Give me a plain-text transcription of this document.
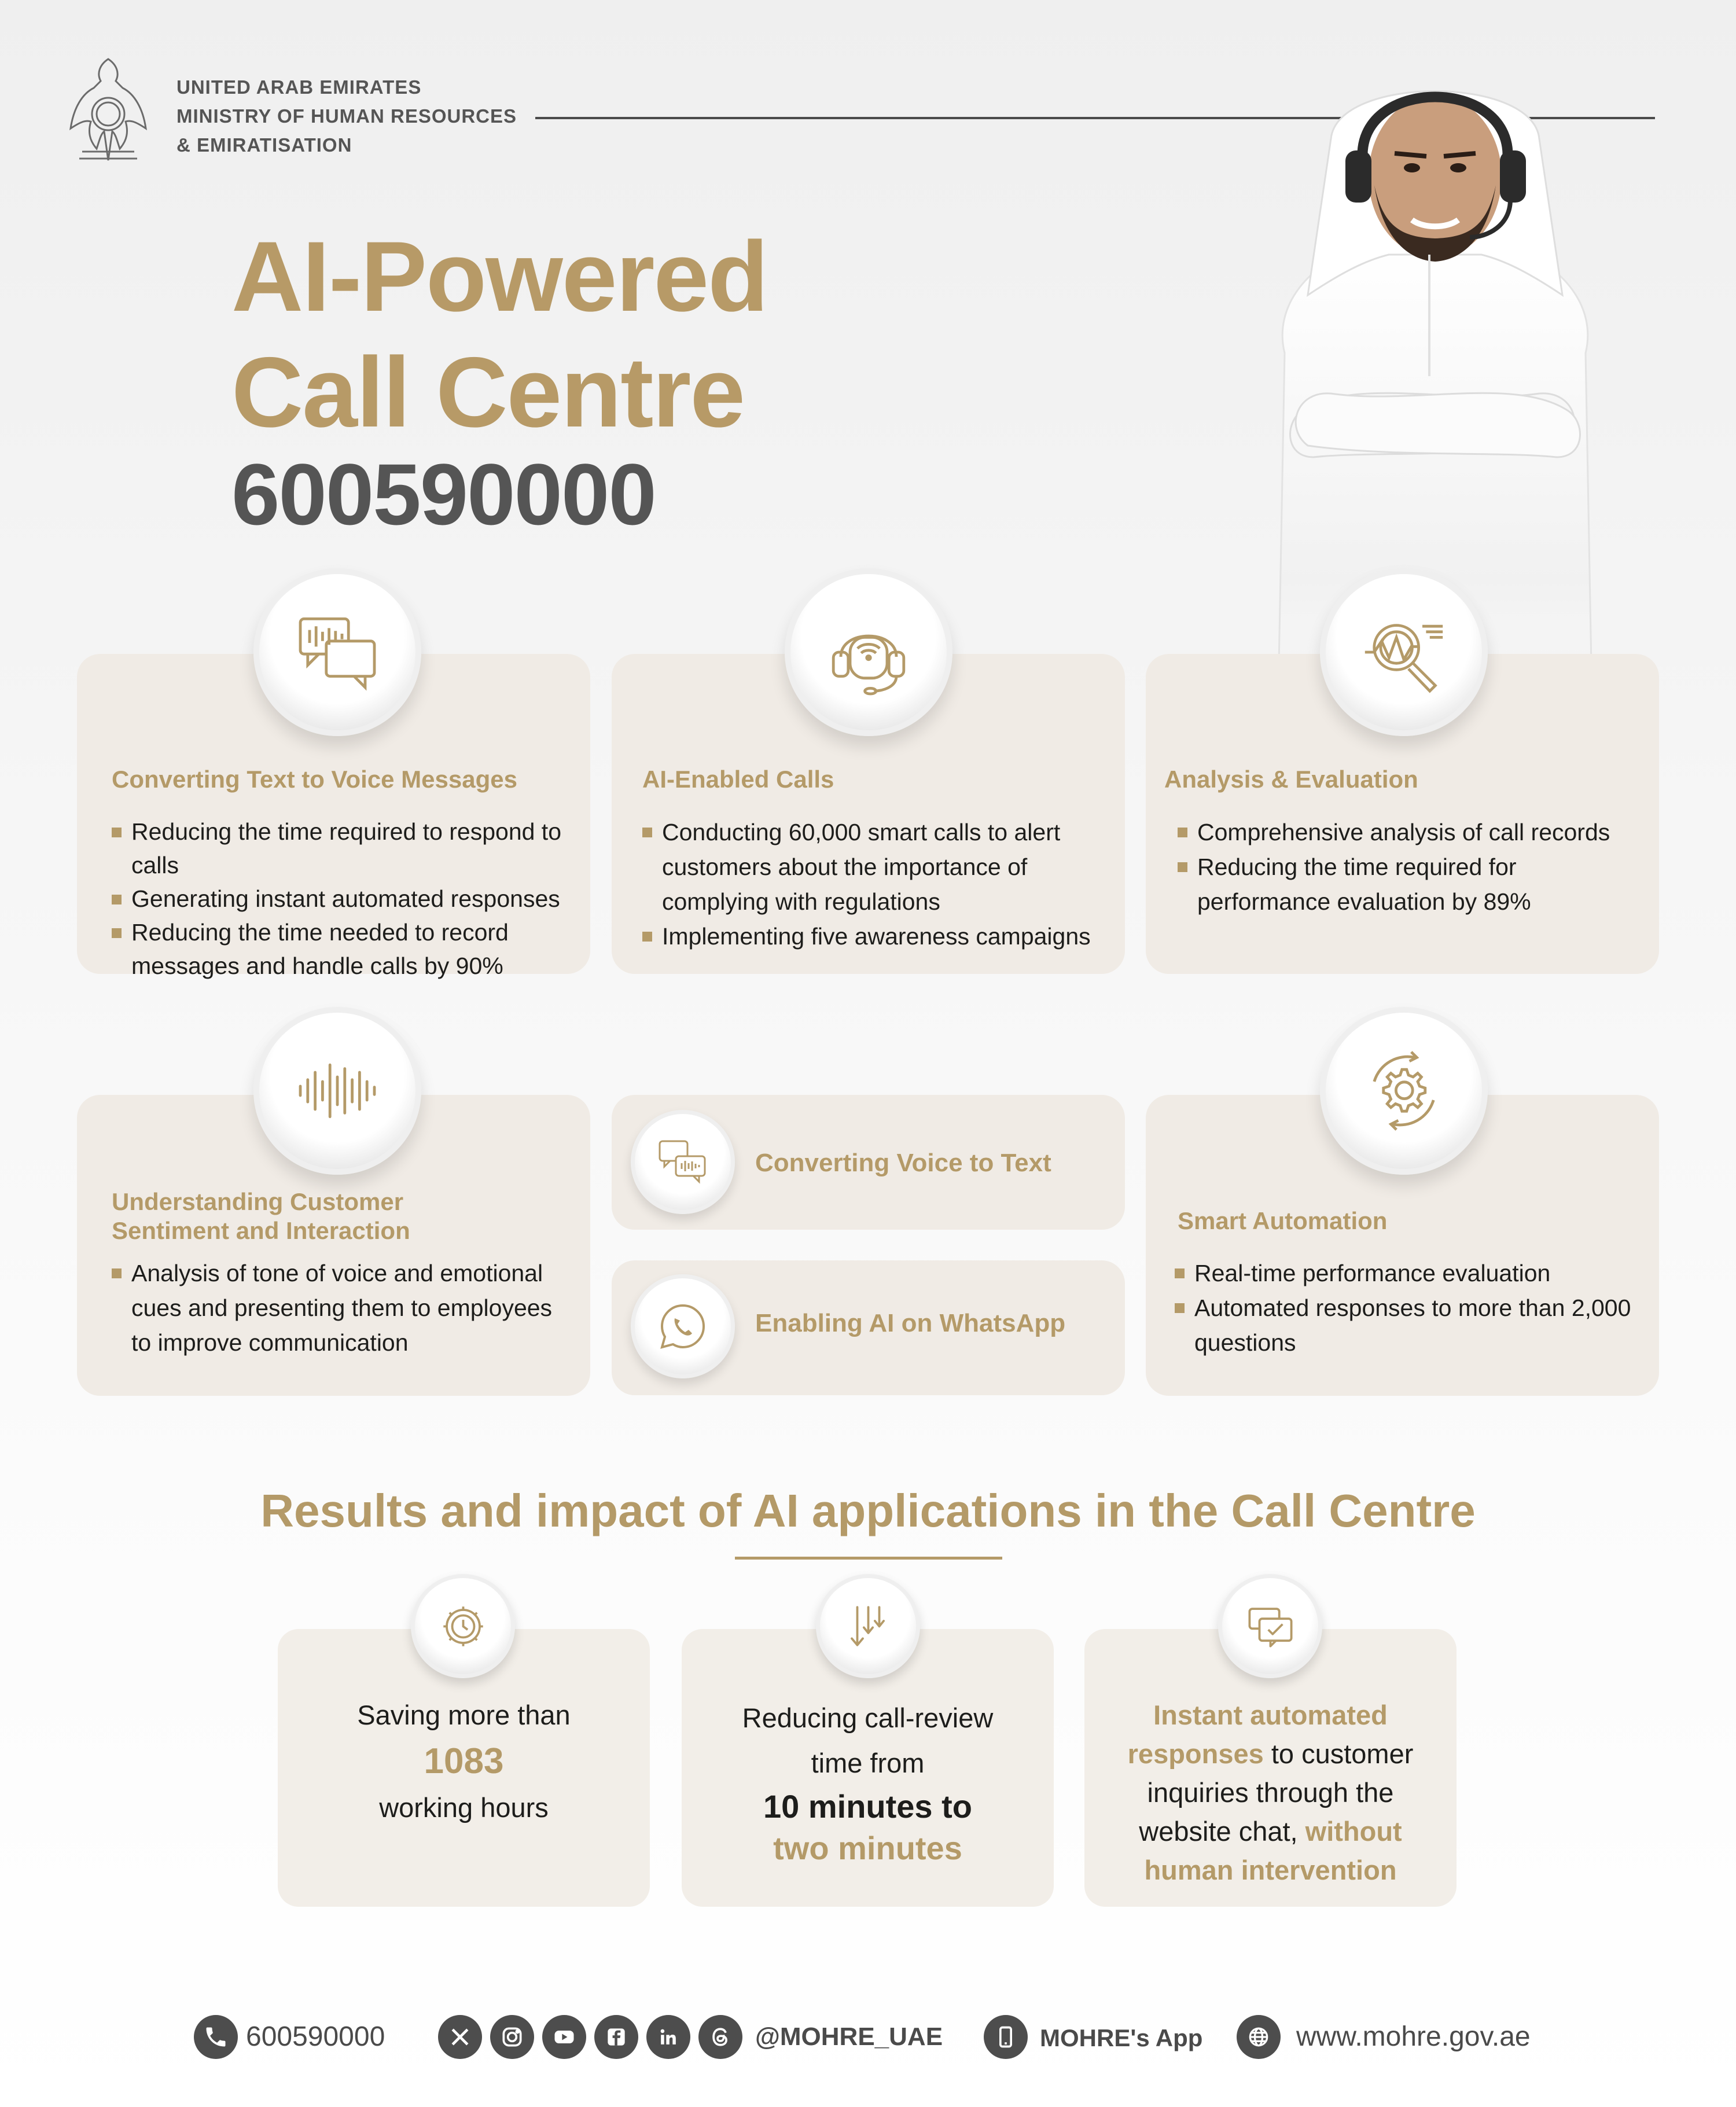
UNITED ARAB EMIRATES
MINISTRY OF HUMAN RESOURCES
& EMIRATISATION
AI-Powered
Call Centre
600590000
Converting Text to Voice Messages
Reducing the time required to respond to calls
Generating instant automated responses
Reducing the time needed to record messages and handle calls by 90%
AI-Enabled Calls
Conducting 60,000 smart calls to alert customers about the importance of complying with regulations
Implementing five awareness campaigns
Analysis & Evaluation
Comprehensive analysis of call records
Reducing the time required for performance evaluation by 89%
Understanding Customer
Sentiment and Interaction
Analysis of tone of voice and emotional cues and presenting them to employees to improve communication
Converting Voice to Text
Enabling AI on WhatsApp
Smart Automation
Real-time performance evaluation
Automated responses to more than 2,000 questions
Results and impact of AI applications in the Call Centre
Saving more than
1083
working hours
Reducing call-review
time from
10 minutes to
two minutes
Instant automated
responses to customer
inquiries through the
website chat, without
human intervention
600590000	@MOHRE_UAE	MOHRE's App	www.mohre.gov.ae
